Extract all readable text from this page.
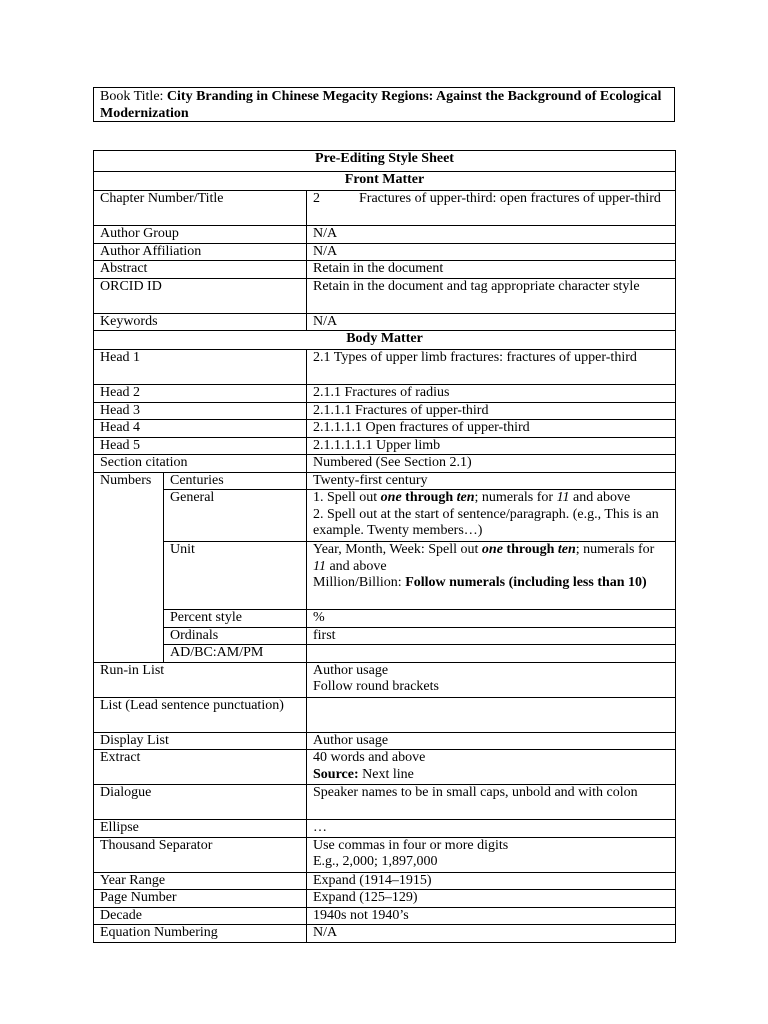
Book Title: City Branding in Chinese Megacity Regions: Against the Background of Ecological Modernization
Pre-Editing Style Sheet		
Front Matter		
Chapter Number/Title		2 Fractures of upper-third: open fractures of upper-third
Author Group		N/A
Author Affiliation		N/A
Abstract		Retain in the document
ORCID ID		Retain in the document and tag appropriate character style
Keywords		N/A
Body Matter		
Head 1		2.1 Types of upper limb fractures: fractures of upper-third
Head 2		2.1.1 Fractures of radius
Head 3		2.1.1.1 Fractures of upper-third
Head 4		2.1.1.1.1 Open fractures of upper-third
Head 5		2.1.1.1.1.1 Upper limb
Section citation		Numbered (See Section 2.1)
Numbers	Centuries	Twenty-first century
	General	1. Spell out one through ten; numerals for 11 and above
2. Spell out at the start of sentence/paragraph. (e.g., This is an example. Twenty members…)
	Unit	Year, Month, Week: Spell out one through ten; numerals for 11 and above
Million/Billion: Follow numerals (including less than 10)
	Percent style	%
	Ordinals	first
	AD/BC:AM/PM	
Run-in List		Author usage
Follow round brackets
List (Lead sentence punctuation)		
Display List		Author usage
Extract		40 words and above
Source: Next line
Dialogue		Speaker names to be in small caps, unbold and with colon
Ellipse		…
Thousand Separator		Use commas in four or more digits
E.g., 2,000; 1,897,000
Year Range		Expand (1914–1915)
Page Number		Expand (125–129)
Decade		1940s not 1940’s
Equation Numbering		N/A
